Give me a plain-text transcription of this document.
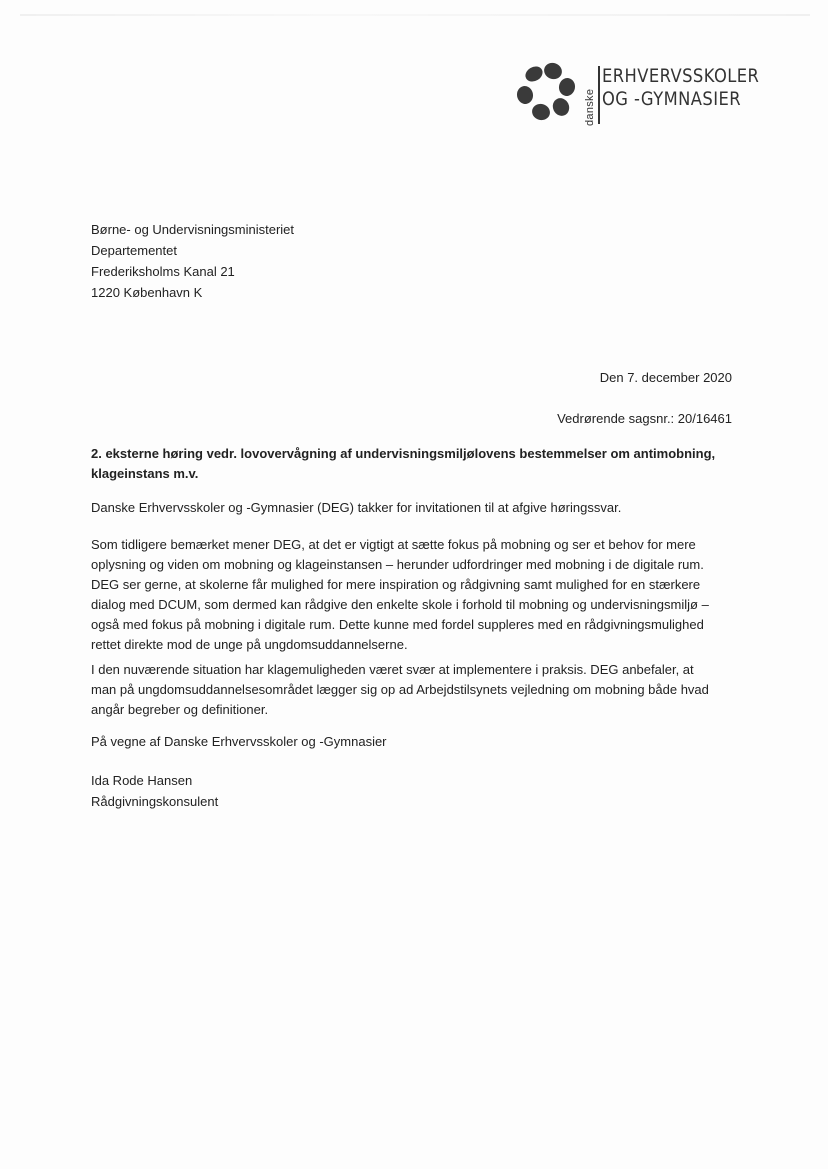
danske
ERHVERVSSKOLER
OG -GYMNASIER
Børne- og Undervisningsministeriet
Departementet
Frederiksholms Kanal 21
1220 København K
Den 7. december 2020
Vedrørende sagsnr.: 20/16461
2. eksterne høring vedr. lovovervågning af undervisningsmiljølovens bestemmelser om antimobning,
klageinstans m.v.
Danske Erhvervsskoler og -Gymnasier (DEG) takker for invitationen til at afgive høringssvar.
Som tidligere bemærket mener DEG, at det er vigtigt at sætte fokus på mobning og ser et behov for mere
oplysning og viden om mobning og klageinstansen – herunder udfordringer med mobning i de digitale rum.
DEG ser gerne, at skolerne får mulighed for mere inspiration og rådgivning samt mulighed for en stærkere
dialog med DCUM, som dermed kan rådgive den enkelte skole i forhold til mobning og undervisningsmiljø –
også med fokus på mobning i digitale rum. Dette kunne med fordel suppleres med en rådgivningsmulighed
rettet direkte mod de unge på ungdomsuddannelserne.
I den nuværende situation har klagemuligheden været svær at implementere i praksis. DEG anbefaler, at
man på ungdomsuddannelsesområdet lægger sig op ad Arbejdstilsynets vejledning om mobning både hvad
angår begreber og definitioner.
På vegne af Danske Erhvervsskoler og -Gymnasier
Ida Rode Hansen
Rådgivningskonsulent
